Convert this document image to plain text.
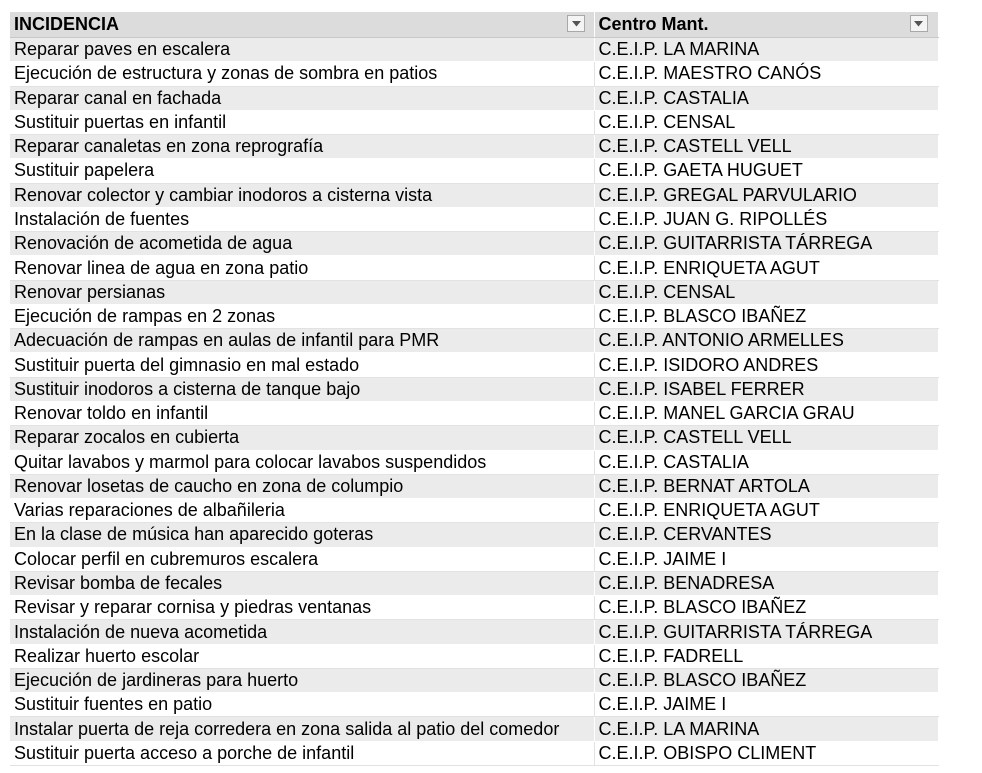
INCIDENCIA	Centro Mant.

Reparar paves en escalera	C.E.I.P. LA MARINA
Ejecución de estructura y zonas de sombra en patios	C.E.I.P. MAESTRO CANÓS
Reparar canal en fachada	C.E.I.P. CASTALIA
Sustituir puertas en infantil	C.E.I.P. CENSAL
Reparar canaletas en zona reprografía	C.E.I.P. CASTELL VELL
Sustituir papelera	C.E.I.P. GAETA HUGUET
Renovar colector y cambiar inodoros a cisterna vista	C.E.I.P. GREGAL PARVULARIO
Instalación de fuentes	C.E.I.P. JUAN G. RIPOLLÉS
Renovación de acometida de agua	C.E.I.P. GUITARRISTA TÁRREGA
Renovar linea de agua en zona patio	C.E.I.P. ENRIQUETA AGUT
Renovar persianas	C.E.I.P. CENSAL
Ejecución de rampas en 2 zonas	C.E.I.P. BLASCO IBAÑEZ
Adecuación de rampas en aulas de infantil para PMR	C.E.I.P. ANTONIO ARMELLES
Sustituir puerta del gimnasio en mal estado	C.E.I.P. ISIDORO ANDRES
Sustituir inodoros a cisterna de tanque bajo	C.E.I.P. ISABEL FERRER
Renovar toldo en infantil	C.E.I.P. MANEL GARCIA GRAU
Reparar zocalos en cubierta	C.E.I.P. CASTELL VELL
Quitar lavabos y marmol para colocar lavabos suspendidos	C.E.I.P. CASTALIA
Renovar losetas de caucho en zona de columpio	C.E.I.P. BERNAT ARTOLA
Varias reparaciones de albañileria	C.E.I.P. ENRIQUETA AGUT
En la clase de música han aparecido goteras	C.E.I.P. CERVANTES
Colocar perfil en cubremuros escalera	C.E.I.P. JAIME I
Revisar bomba de fecales	C.E.I.P. BENADRESA
Revisar y reparar cornisa y piedras ventanas	C.E.I.P. BLASCO IBAÑEZ
Instalación de nueva acometida	C.E.I.P. GUITARRISTA TÁRREGA
Realizar huerto escolar	C.E.I.P. FADRELL
Ejecución de jardineras para huerto	C.E.I.P. BLASCO IBAÑEZ
Sustituir fuentes en patio	C.E.I.P. JAIME I
Instalar puerta de reja corredera en zona salida al patio del comedor	C.E.I.P. LA MARINA
Sustituir puerta acceso a porche de infantil	C.E.I.P. OBISPO CLIMENT
